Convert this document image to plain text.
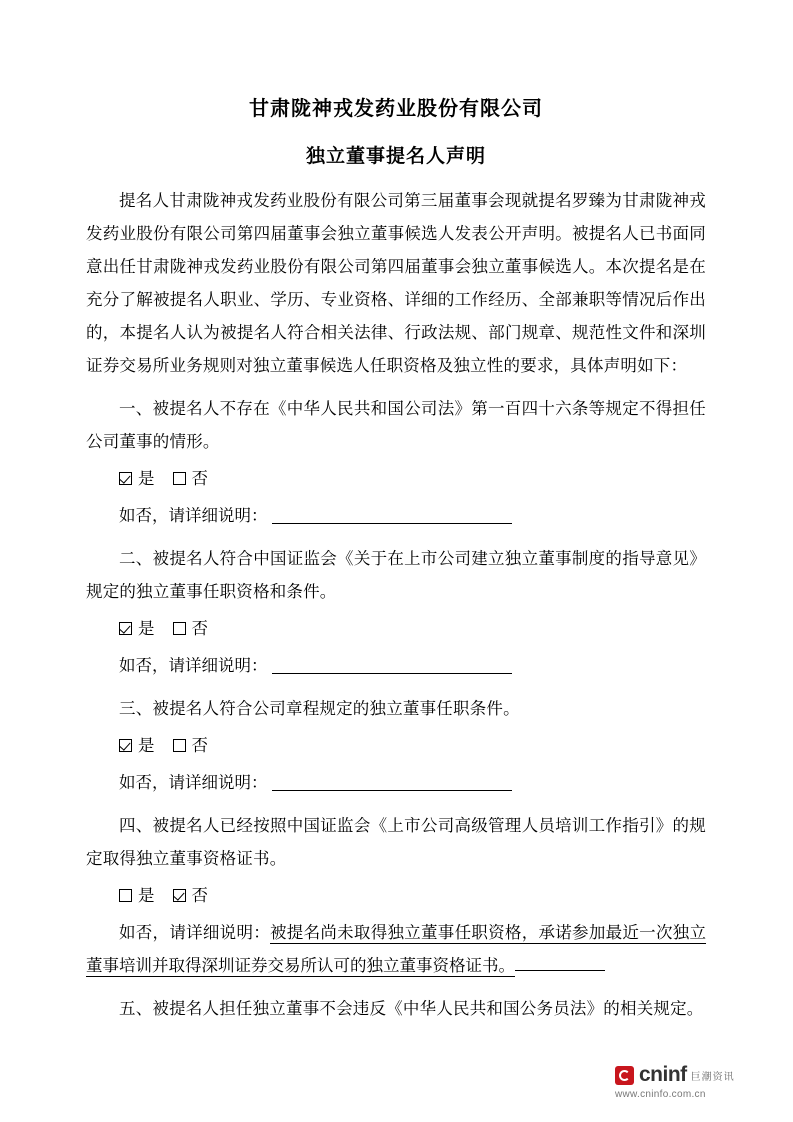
甘肃陇神戎发药业股份有限公司
独立董事提名人声明
提名人甘肃陇神戎发药业股份有限公司第三届董事会现就提名罗臻为甘肃陇神戎发药业股份有限公司第四届董事会独立董事候选人发表公开声明。被提名人已书面同意出任甘肃陇神戎发药业股份有限公司第四届董事会独立董事候选人。本次提名是在充分了解被提名人职业、学历、专业资格、详细的工作经历、全部兼职等情况后作出的，本提名人认为被提名人符合相关法律、行政法规、部门规章、规范性文件和深圳证券交易所业务规则对独立董事候选人任职资格及独立性的要求，具体声明如下：
一、被提名人不存在《中华人民共和国公司法》第一百四十六条等规定不得担任公司董事的情形。
是 否
如否，请详细说明：
二、被提名人符合中国证监会《关于在上市公司建立独立董事制度的指导意见》规定的独立董事任职资格和条件。
是 否
如否，请详细说明：
三、被提名人符合公司章程规定的独立董事任职条件。
是 否
如否，请详细说明：
四、被提名人已经按照中国证监会《上市公司高级管理人员培训工作指引》的规定取得独立董事资格证书。
是 否
如否，请详细说明：被提名尚未取得独立董事任职资格，承诺参加最近一次独立董事培训并取得深圳证券交易所认可的独立董事资格证书。
五、被提名人担任独立董事不会违反《中华人民共和国公务员法》的相关规定。
cninf 巨潮资讯
www.cninfo.com.cn
